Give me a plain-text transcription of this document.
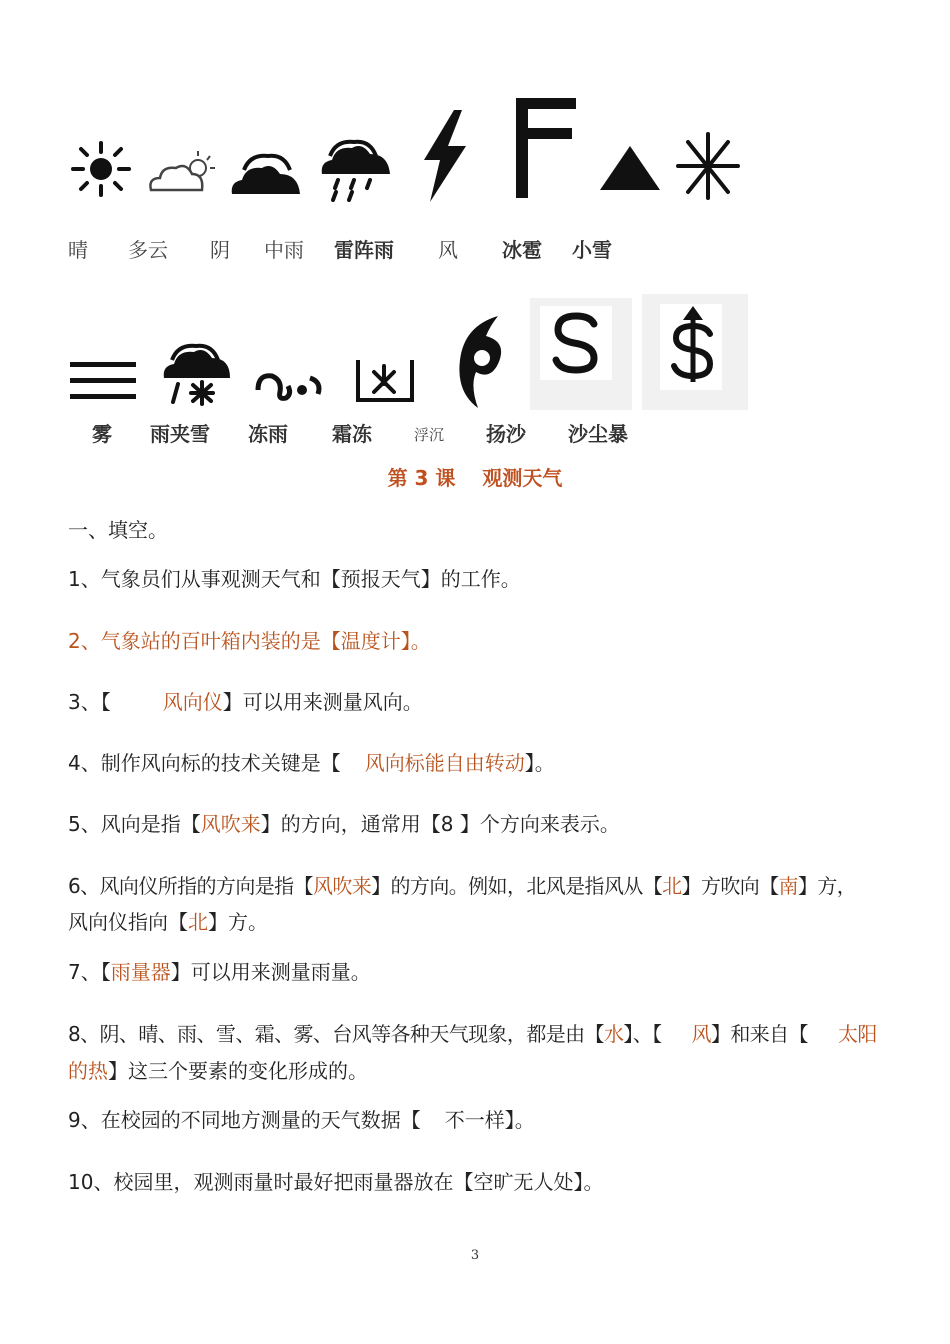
晴 多云 阴 中雨 雷阵雨 风 冰雹 小雪
雾 雨夹雪 冻雨 霜冻	浮沉 扬沙 沙尘暴
第 3 课　 观测天气
一、填空。
1、气象员们从事观测天气和【预报天气】的工作。
2、气象站的百叶箱内装的是【温度计】。
3、【	风向仪】可以用来测量风向。
4、制作风向标的技术关键是【 风向标能自由转动】。
5、风向是指【风吹来】的方向，通常用【8 】个方向来表示。
6、风向仪所指的方向是指【风吹来】的方向。例如，北风是指风从【北】方吹向【南】方，
风向仪指向【北】方。
7、【雨量器】可以用来测量雨量。
8、阴、晴、雨、雪、霜、雾、台风等各种天气现象，都是由【水】、【 风】和来自【 太阳
的热】这三个要素的变化形成的。
9、在校园的不同地方测量的天气数据【 不一样】。
10、校园里，观测雨量时最好把雨量器放在【空旷无人处】。
3
